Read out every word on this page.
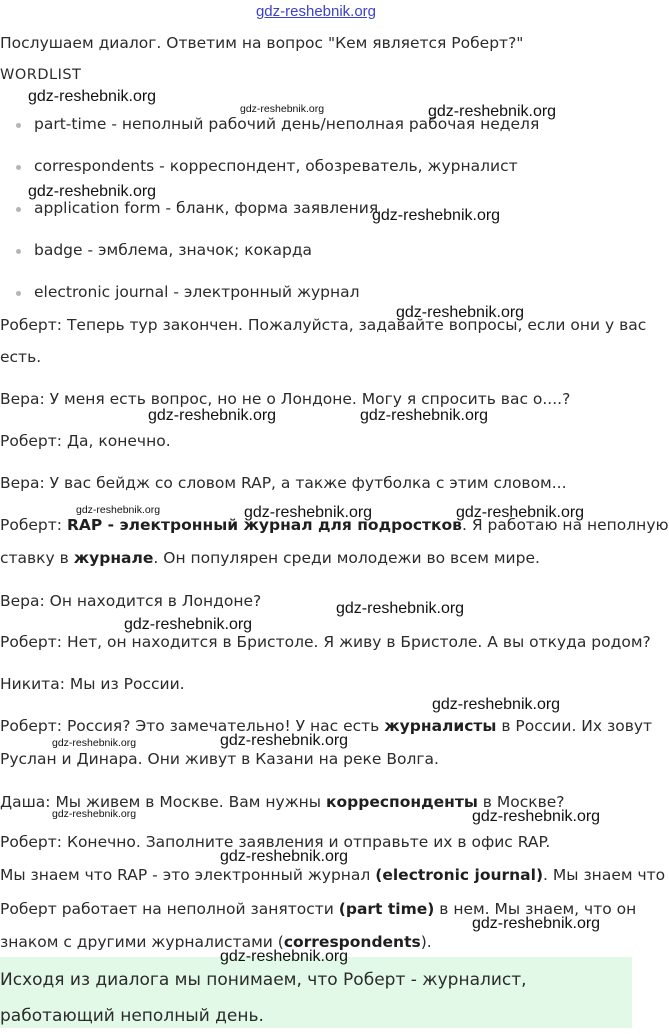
gdz-reshebnik.org
Послушаем диалог. Ответим на вопрос "Кем является Роберт?"
WORDLIST
part-time - неполный рабочий день/неполная рабочая неделя
correspondents - корреспондент, обозреватель, журналист
application form - бланк, форма заявления
badge - эмблема, значок; кокарда
electronic journal - электронный журнал
Роберт: Теперь тур закончен. Пожалуйста, задавайте вопросы, если они у вас
есть.
Вера: У меня есть вопрос, но не о Лондоне. Могу я спросить вас о....?
Роберт: Да, конечно.
Вера: У вас бейдж со словом RAP, а также футболка с этим словом...
Роберт: RAP - электронный журнал для подростков. Я работаю на неполную
ставку в журнале. Он популярен среди молодежи во всем мире.
Вера: Он находится в Лондоне?
Роберт: Нет, он находится в Бристоле. Я живу в Бристоле. А вы откуда родом?
Никита: Мы из России.
Роберт: Россия? Это замечательно! У нас есть журналисты в России. Их зовут
Руслан и Динара. Они живут в Казани на реке Волга.
Даша: Мы живем в Москве. Вам нужны корреспонденты в Москве?
Роберт: Конечно. Заполните заявления и отправьте их в офис RAP.
Мы знаем что RAP - это электронный журнал (electronic journal). Мы знаем что
Роберт работает на неполной занятости (part time) в нем. Мы знаем, что он
знаком с другими журналистами (correspondents).
Исходя из диалога мы понимаем, что Роберт - журналист, работающий неполный день.
gdz-reshebnik.org
gdz-reshebnik.org	gdz-reshebnik.org
gdz-reshebnik.org
gdz-reshebnik.org
gdz-reshebnik.org
gdz-reshebnik.org	gdz-reshebnik.org
gdz-reshebnik.org	gdz-reshebnik.org	gdz-reshebnik.org
gdz-reshebnik.org
gdz-reshebnik.org
gdz-reshebnik.org
gdz-reshebnik.org	gdz-reshebnik.org
gdz-reshebnik.org	gdz-reshebnik.org
gdz-reshebnik.org
gdz-reshebnik.org
gdz-reshebnik.org
